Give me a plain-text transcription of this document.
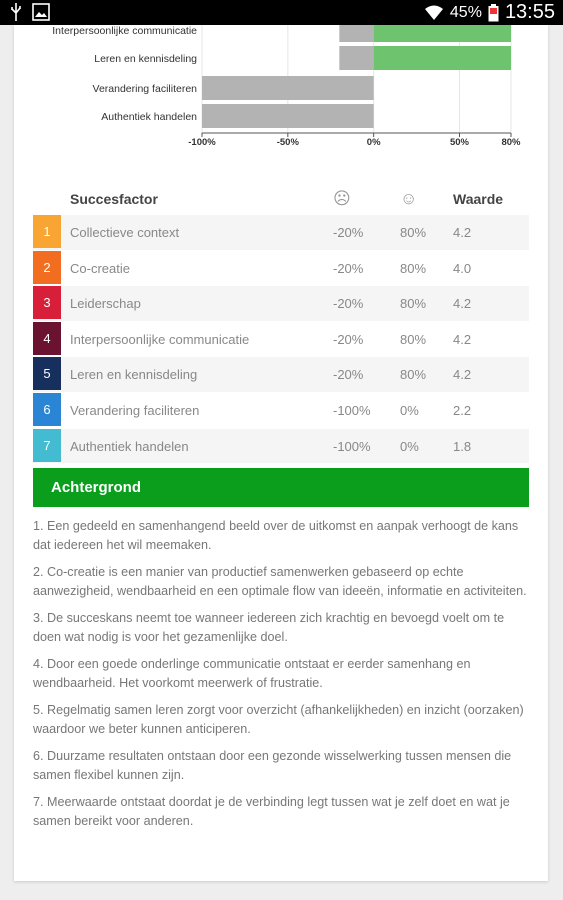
45% 13:55
Interpersoonlijke communicatie
Leren en kennisdeling
Verandering faciliteren
Authentiek handelen
-100%	-50%	0%	50%	80%
Succesfactor	☹	☺	Waarde
1	Collectieve context	-20%	80% 4.2
2	Co-creatie	-20%	80% 4.0
3	Leiderschap	-20%	80% 4.2
4	Interpersoonlijke communicatie	-20%	80% 4.2
5	Leren en kennisdeling	-20%	80% 4.2
6	Verandering faciliteren	-100% 0%	2.2
7	Authentiek handelen	-100% 0%	1.8
Achtergrond

1. Een gedeeld en samenhangend beeld over de uitkomst en aanpak verhoogt de kans dat iedereen het wil meemaken.

2. Co-creatie is een manier van productief samenwerken gebaseerd op echte aanwezigheid, wendbaarheid en een optimale flow van ideeën, informatie en activiteiten.

3. De succeskans neemt toe wanneer iedereen zich krachtig en bevoegd voelt om te doen wat nodig is voor het gezamenlijke doel.

4. Door een goede onderlinge communicatie ontstaat er eerder samenhang en wendbaarheid. Het voorkomt meerwerk of frustratie.

5. Regelmatig samen leren zorgt voor overzicht (afhankelijkheden) en inzicht (oorzaken) waardoor we beter kunnen anticiperen.

6. Duurzame resultaten ontstaan door een gezonde wisselwerking tussen mensen die samen flexibel kunnen zijn.

7. Meerwaarde ontstaat doordat je de verbinding legt tussen wat je zelf doet en wat je samen bereikt voor anderen.
